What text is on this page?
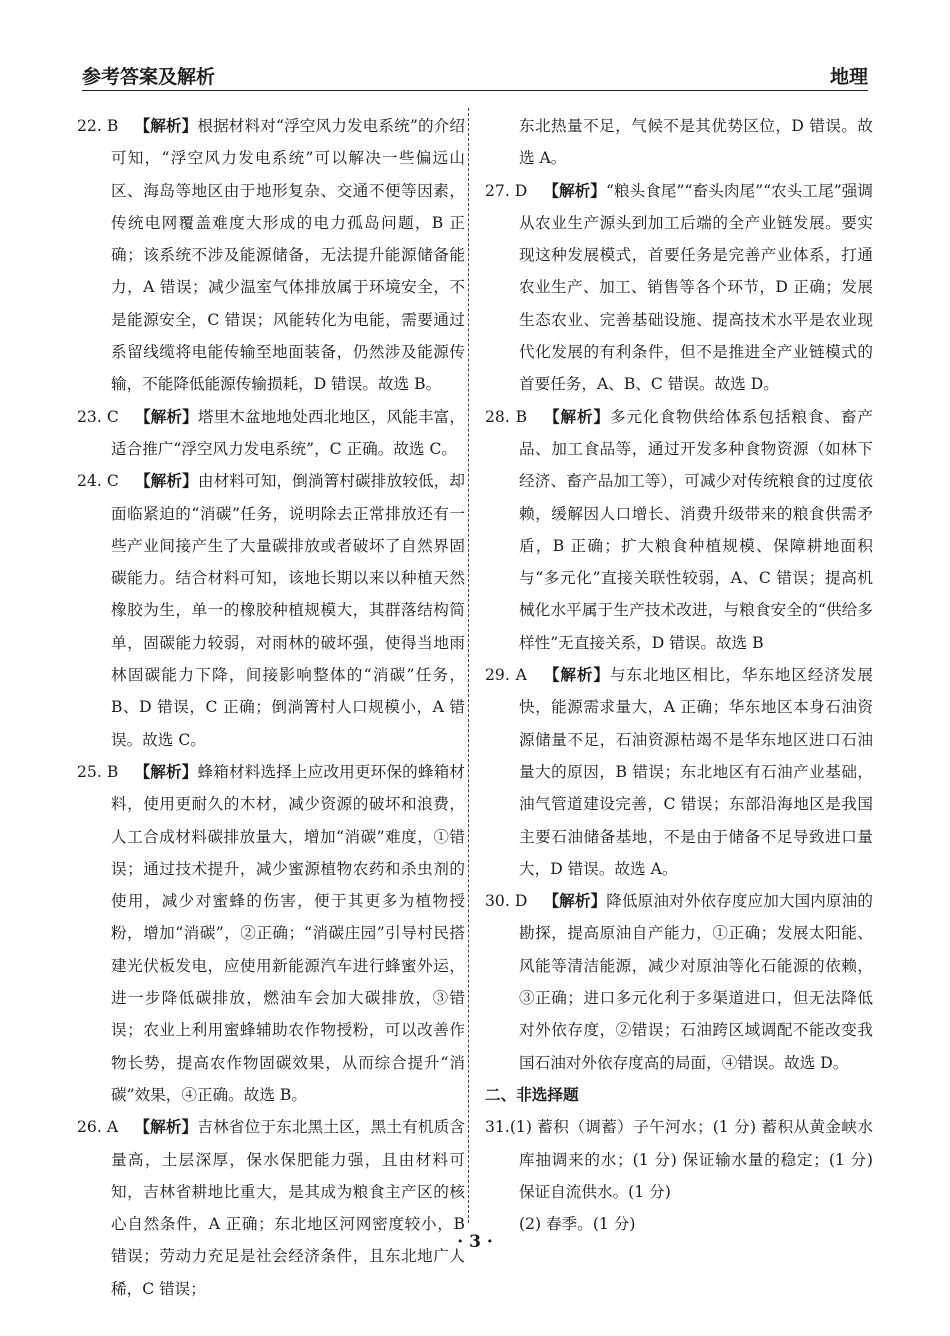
参考答案及解析	地理

22. B 【解析】根据材料对“浮空风力发电系统”的介绍可知，“浮空风力发电系统”可以解决一些偏远山区、海岛等地区由于地形复杂、交通不便等因素，传统电网覆盖难度大形成的电力孤岛问题，B 正确；该系统不涉及能源储备，无法提升能源储备能力，A 错误；减少温室气体排放属于环境安全，不是能源安全，C 错误；风能转化为电能，需要通过系留线缆将电能传输至地面装备，仍然涉及能源传输，不能降低能源传输损耗，D 错误。故选 B。

23. C 【解析】塔里木盆地地处西北地区，风能丰富，适合推广“浮空风力发电系统”，C 正确。故选 C。

24. C 【解析】由材料可知，倒淌箐村碳排放较低，却面临紧迫的“消碳”任务，说明除去正常排放还有一些产业间接产生了大量碳排放或者破坏了自然界固碳能力。结合材料可知，该地长期以来以种植天然橡胶为生，单一的橡胶种植规模大，其群落结构简单，固碳能力较弱，对雨林的破坏强，使得当地雨林固碳能力下降，间接影响整体的“消碳”任务，B、D 错误，C 正确；倒淌箐村人口规模小，A 错误。故选 C。

25. B 【解析】蜂箱材料选择上应改用更环保的蜂箱材料，使用更耐久的木材，减少资源的破坏和浪费，人工合成材料碳排放量大，增加“消碳”难度，①错误；通过技术提升，减少蜜源植物农药和杀虫剂的使用，减少对蜜蜂的伤害，便于其更多为植物授粉，增加“消碳”，②正确；“消碳庄园”引导村民搭建光伏板发电，应使用新能源汽车进行蜂蜜外运，进一步降低碳排放，燃油车会加大碳排放，③错误；农业上利用蜜蜂辅助农作物授粉，可以改善作物长势，提高农作物固碳效果，从而综合提升“消碳”效果，④正确。故选 B。

26. A 【解析】吉林省位于东北黑土区，黑土有机质含量高，土层深厚，保水保肥能力强，且由材料可知，吉林省耕地比重大，是其成为粮食主产区的核心自然条件，A 正确；东北地区河网密度较小，B 错误；劳动力充足是社会经济条件，且东北地广人稀，C 错误；

东北热量不足，气候不是其优势区位，D 错误。故选 A。

27. D 【解析】“粮头食尾”“畜头肉尾”“农头工尾”强调从农业生产源头到加工后端的全产业链发展。要实现这种发展模式，首要任务是完善产业体系，打通农业生产、加工、销售等各个环节，D 正确；发展生态农业、完善基础设施、提高技术水平是农业现代化发展的有利条件，但不是推进全产业链模式的首要任务，A、B、C 错误。故选 D。

28. B 【解析】多元化食物供给体系包括粮食、畜产品、加工食品等，通过开发多种食物资源（如林下经济、畜产品加工等），可减少对传统粮食的过度依赖，缓解因人口增长、消费升级带来的粮食供需矛盾，B 正确；扩大粮食种植规模、保障耕地面积与“多元化”直接关联性较弱，A、C 错误；提高机械化水平属于生产技术改进，与粮食安全的“供给多样性”无直接关系，D 错误。故选 B

29. A 【解析】与东北地区相比，华东地区经济发展快，能源需求量大，A 正确；华东地区本身石油资源储量不足，石油资源枯竭不是华东地区进口石油量大的原因，B 错误；东北地区有石油产业基础，油气管道建设完善，C 错误；东部沿海地区是我国主要石油储备基地，不是由于储备不足导致进口量大，D 错误。故选 A。

30. D 【解析】降低原油对外依存度应加大国内原油的勘探，提高原油自产能力，①正确；发展太阳能、风能等清洁能源，减少对原油等化石能源的依赖，③正确；进口多元化利于多渠道进口，但无法降低对外依存度，②错误；石油跨区域调配不能改变我国石油对外依存度高的局面，④错误。故选 D。

二、非选择题

31.(1) 蓄积（调蓄）子午河水；(1 分) 蓄积从黄金峡水库抽调来的水；(1 分) 保证输水量的稳定；(1 分) 保证自流供水。(1 分)

(2) 春季。(1 分)

· 3 ·
